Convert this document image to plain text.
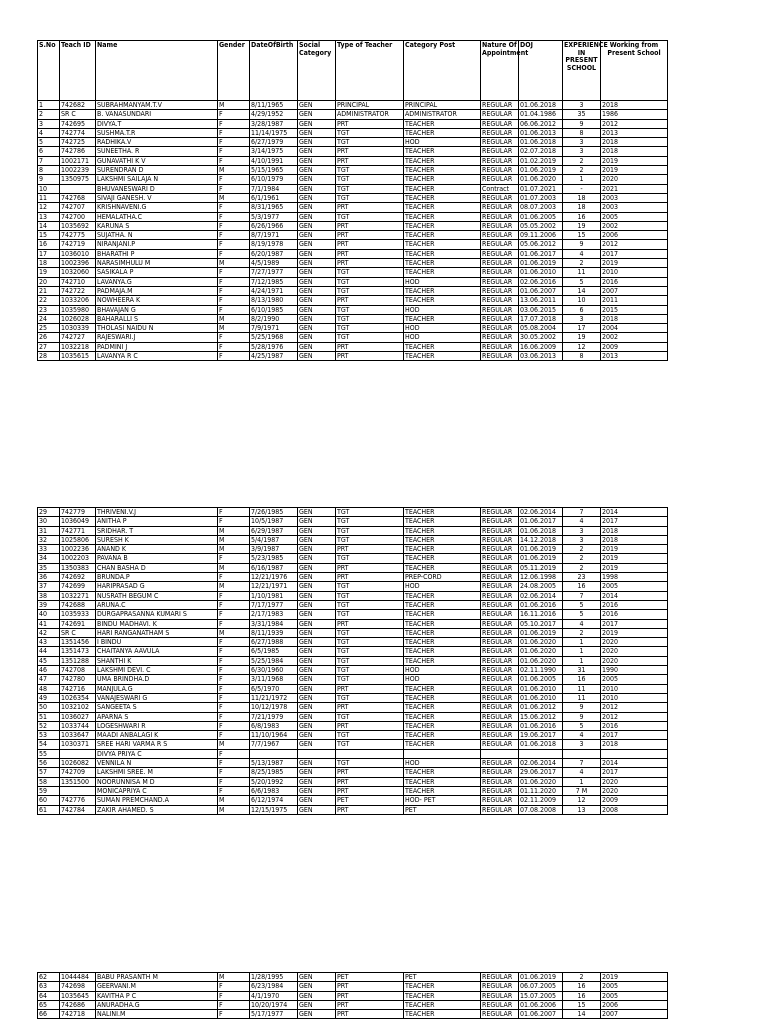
S.No	Teach ID	Name	Gender	DateOfBirth	Social Category	Type of Teacher	Category Post	Nature Of Appointment	DOJ	EXPERIENCE IN PRESENT SCHOOL	Working from Present School
1	742682	SUBRAHMANYAM.T.V	M	8/11/1965	GEN	PRINCIPAL	PRINCIPAL	REGULAR	01.06.2018	3	2018
2	SR C	B. VANASUNDARI	F	4/29/1952	GEN	ADMINISTRATOR	ADMINISTRATOR	REGULAR	01.04.1986	35	1986
3	742695	DIVYA.T	F	3/28/1987	GEN	PRT	TEACHER	REGULAR	06.06.2012	9	2012
4	742774	SUSHMA.T.R	F	11/14/1975	GEN	TGT	TEACHER	REGULAR	01.06.2013	8	2013
5	742725	RADHIKA.V	F	6/27/1979	GEN	TGT	HOD	REGULAR	01.06.2018	3	2018
6	742786	SUNEETHA. R	F	3/14/1975	GEN	PRT	TEACHER	REGULAR	02.07.2018	3	2018
7	1002171	GUNAVATHI K V	F	4/10/1991	GEN	PRT	TEACHER	REGULAR	01.02.2019	2	2019
8	1002239	SURENDRAN D	M	5/15/1965	GEN	TGT	TEACHER	REGULAR	01.06.2019	2	2019
9	1350975	LAKSHMI SAILAJA N	F	6/10/1979	GEN	TGT	TEACHER	REGULAR	01.06.2020	1	2020
10		BHUVANESWARI D	F	7/1/1984	GEN	TGT	TEACHER	Contract	01.07.2021	-	2021
11	742768	SIVAJI GANESH. V	M	6/1/1961	GEN	TGT	TEACHER	REGULAR	01.07.2003	18	2003
12	742707	KRISHNAVENI.G	F	8/31/1965	GEN	PRT	TEACHER	REGULAR	08.07.2003	18	2003
13	742700	HEMALATHA.C	F	5/3/1977	GEN	TGT	TEACHER	REGULAR	01.06.2005	16	2005
14	1035692	KARUNA S	F	6/26/1966	GEN	PRT	TEACHER	REGULAR	05.05.2002	19	2002
15	742775	SUJATHA. N	F	8/7/1971	GEN	PRT	TEACHER	REGULAR	09.11.2006	15	2006
16	742719	NIRANJANI.P	F	8/19/1978	GEN	PRT	TEACHER	REGULAR	05.06.2012	9	2012
17	1036010	BHARATHI P	F	6/20/1987	GEN	PRT	TEACHER	REGULAR	01.06.2017	4	2017
18	1002396	NARASIMHULU M	M	4/5/1989	GEN	PRT	TEACHER	REGULAR	01.06.2019	2	2019
19	1032060	SASIKALA P	F	7/27/1977	GEN	TGT	TEACHER	REGULAR	01.06.2010	11	2010
20	742710	LAVANYA.G	F	7/12/1985	GEN	TGT	HOD	REGULAR	02.06.2016	5	2016
21	742722	PADMAJA.M	F	4/24/1971	GEN	TGT	TEACHER	REGULAR	01.06.2007	14	2007
22	1033206	NOWHEERA K	F	8/13/1980	GEN	PRT	TEACHER	REGULAR	13.06.2011	10	2011
23	1035980	BHAVAJAN G	F	6/10/1985	GEN	TGT	HOD	REGULAR	03.06.2015	6	2015
24	1026028	BAHARALLI S	M	8/2/1990	GEN	TGT	TEACHER	REGULAR	17.07.2018	3	2018
25	1030339	THOLASI NAIDU N	M	7/9/1971	GEN	TGT	HOD	REGULAR	05.08.2004	17	2004
26	742727	RAJESWARI.J	F	5/25/1968	GEN	TGT	HOD	REGULAR	30.05.2002	19	2002
27	1032218	PADMINI J	F	5/28/1976	GEN	PRT	TEACHER	REGULAR	16.06.2009	12	2009
28	1035615	LAVANYA R C	F	4/25/1987	GEN	PRT	TEACHER	REGULAR	03.06.2013	8	2013
29	742779	THRIVENI.V.J	F	7/26/1985	GEN	TGT	TEACHER	REGULAR	02.06.2014	7	2014
30	1036049	ANITHA P	F	10/5/1987	GEN	TGT	TEACHER	REGULAR	01.06.2017	4	2017
31	742771	SRIDHAR. T	M	6/29/1987	GEN	TGT	TEACHER	REGULAR	01.06.2018	3	2018
32	1025806	SURESH K	M	5/4/1987	GEN	TGT	TEACHER	REGULAR	14.12.2018	3	2018
33	1002236	ANAND K	M	3/9/1987	GEN	PRT	TEACHER	REGULAR	01.06.2019	2	2019
34	1002203	PAVANA B	F	5/23/1985	GEN	TGT	TEACHER	REGULAR	01.06.2019	2	2019
35	1350383	CHAN BASHA D	M	6/16/1987	GEN	PRT	TEACHER	REGULAR	05.11.2019	2	2019
36	742692	BRUNDA.P	F	12/21/1976	GEN	PRT	PREP-CORD	REGULAR	12.06.1998	23	1998
37	742699	HARIPRASAD G	M	12/21/1971	GEN	TGT	HOD	REGULAR	24.08.2005	16	2005
38	1032271	NUSRATH BEGUM C	F	1/10/1981	GEN	TGT	TEACHER	REGULAR	02.06.2014	7	2014
39	742688	ARUNA.C	F	7/17/1977	GEN	TGT	TEACHER	REGULAR	01.06.2016	5	2016
40	1035933	DURGAPRASANNA KUMARI S	F	2/17/1983	GEN	TGT	TEACHER	REGULAR	16.11.2016	5	2016
41	742691	BINDU MADHAVI. K	F	3/31/1984	GEN	PRT	TEACHER	REGULAR	05.10.2017	4	2017
42	SR C	HARI RANGANATHAM S	M	8/11/1939	GEN	TGT	TEACHER	REGULAR	01.06.2019	2	2019
43	1351456	I BINDU	F	6/27/1988	GEN	TGT	TEACHER	REGULAR	01.06.2020	1	2020
44	1351473	CHAITANYA AAVULA	F	6/5/1985	GEN	TGT	TEACHER	REGULAR	01.06.2020	1	2020
45	1351288	SHANTHI K	F	5/25/1984	GEN	TGT	TEACHER	REGULAR	01.06.2020	1	2020
46	742708	LAKSHMI DEVI. C	F	6/30/1960	GEN	TGT	HOD	REGULAR	02.11.1990	31	1990
47	742780	UMA BRINDHA.D	F	3/11/1968	GEN	TGT	HOD	REGULAR	01.06.2005	16	2005
48	742716	MANJULA.G	F	6/5/1970	GEN	PRT	TEACHER	REGULAR	01.06.2010	11	2010
49	1026354	VANAJESWARI G	F	11/21/1972	GEN	TGT	TEACHER	REGULAR	01.06.2010	11	2010
50	1032102	SANGEETA S	F	10/12/1978	GEN	PRT	TEACHER	REGULAR	01.06.2012	9	2012
51	1036027	APARNA S	F	7/21/1979	GEN	TGT	TEACHER	REGULAR	15.06.2012	9	2012
52	1033744	LOGESHWARI R	F	6/8/1983	GEN	PRT	TEACHER	REGULAR	01.06.2016	5	2016
53	1033647	MAADI ANBALAGI K	F	11/10/1964	GEN	TGT	TEACHER	REGULAR	19.06.2017	4	2017
54	1030371	SREE HARI VARMA R S	M	7/7/1967	GEN	TGT	TEACHER	REGULAR	01.06.2018	3	2018
55		DIVYA PRIYA C	F								
56	1026082	VENNILA N	F	5/13/1987	GEN	TGT	HOD	REGULAR	02.06.2014	7	2014
57	742709	LAKSHMI SREE. M	F	8/25/1985	GEN	PRT	TEACHER	REGULAR	29.06.2017	4	2017
58	1351500	NOORUNNISA M D	F	5/20/1992	GEN	PRT	TEACHER	REGULAR	01.06.2020	1	2020
59		MONICAPRIYA C	F	6/6/1983	GEN	PRT	TEACHER	REGULAR	01.11.2020	7 M	2020
60	742776	SUMAN PREMCHAND.A	M	6/12/1974	GEN	PET	HOD- PET	REGULAR	02.11.2009	12	2009
61	742784	ZAKIR AHAMED. S	M	12/15/1975	GEN	PRT	PET	REGULAR	07.08.2008	13	2008
62	1044484	BABU PRASANTH M	M	1/28/1995	GEN	PET	PET	REGULAR	01.06.2019	2	2019
63	742698	GEERVANI.M	F	6/23/1984	GEN	PRT	TEACHER	REGULAR	06.07.2005	16	2005
64	1035645	KAVITHA P C	F	4/1/1970	GEN	PRT	TEACHER	REGULAR	15.07.2005	16	2005
65	742686	ANURADHA.G	F	10/20/1974	GEN	PRT	TEACHER	REGULAR	01.06.2006	15	2006
66	742718	NALINI.M	F	5/17/1977	GEN	PRT	TEACHER	REGULAR	01.06.2007	14	2007
